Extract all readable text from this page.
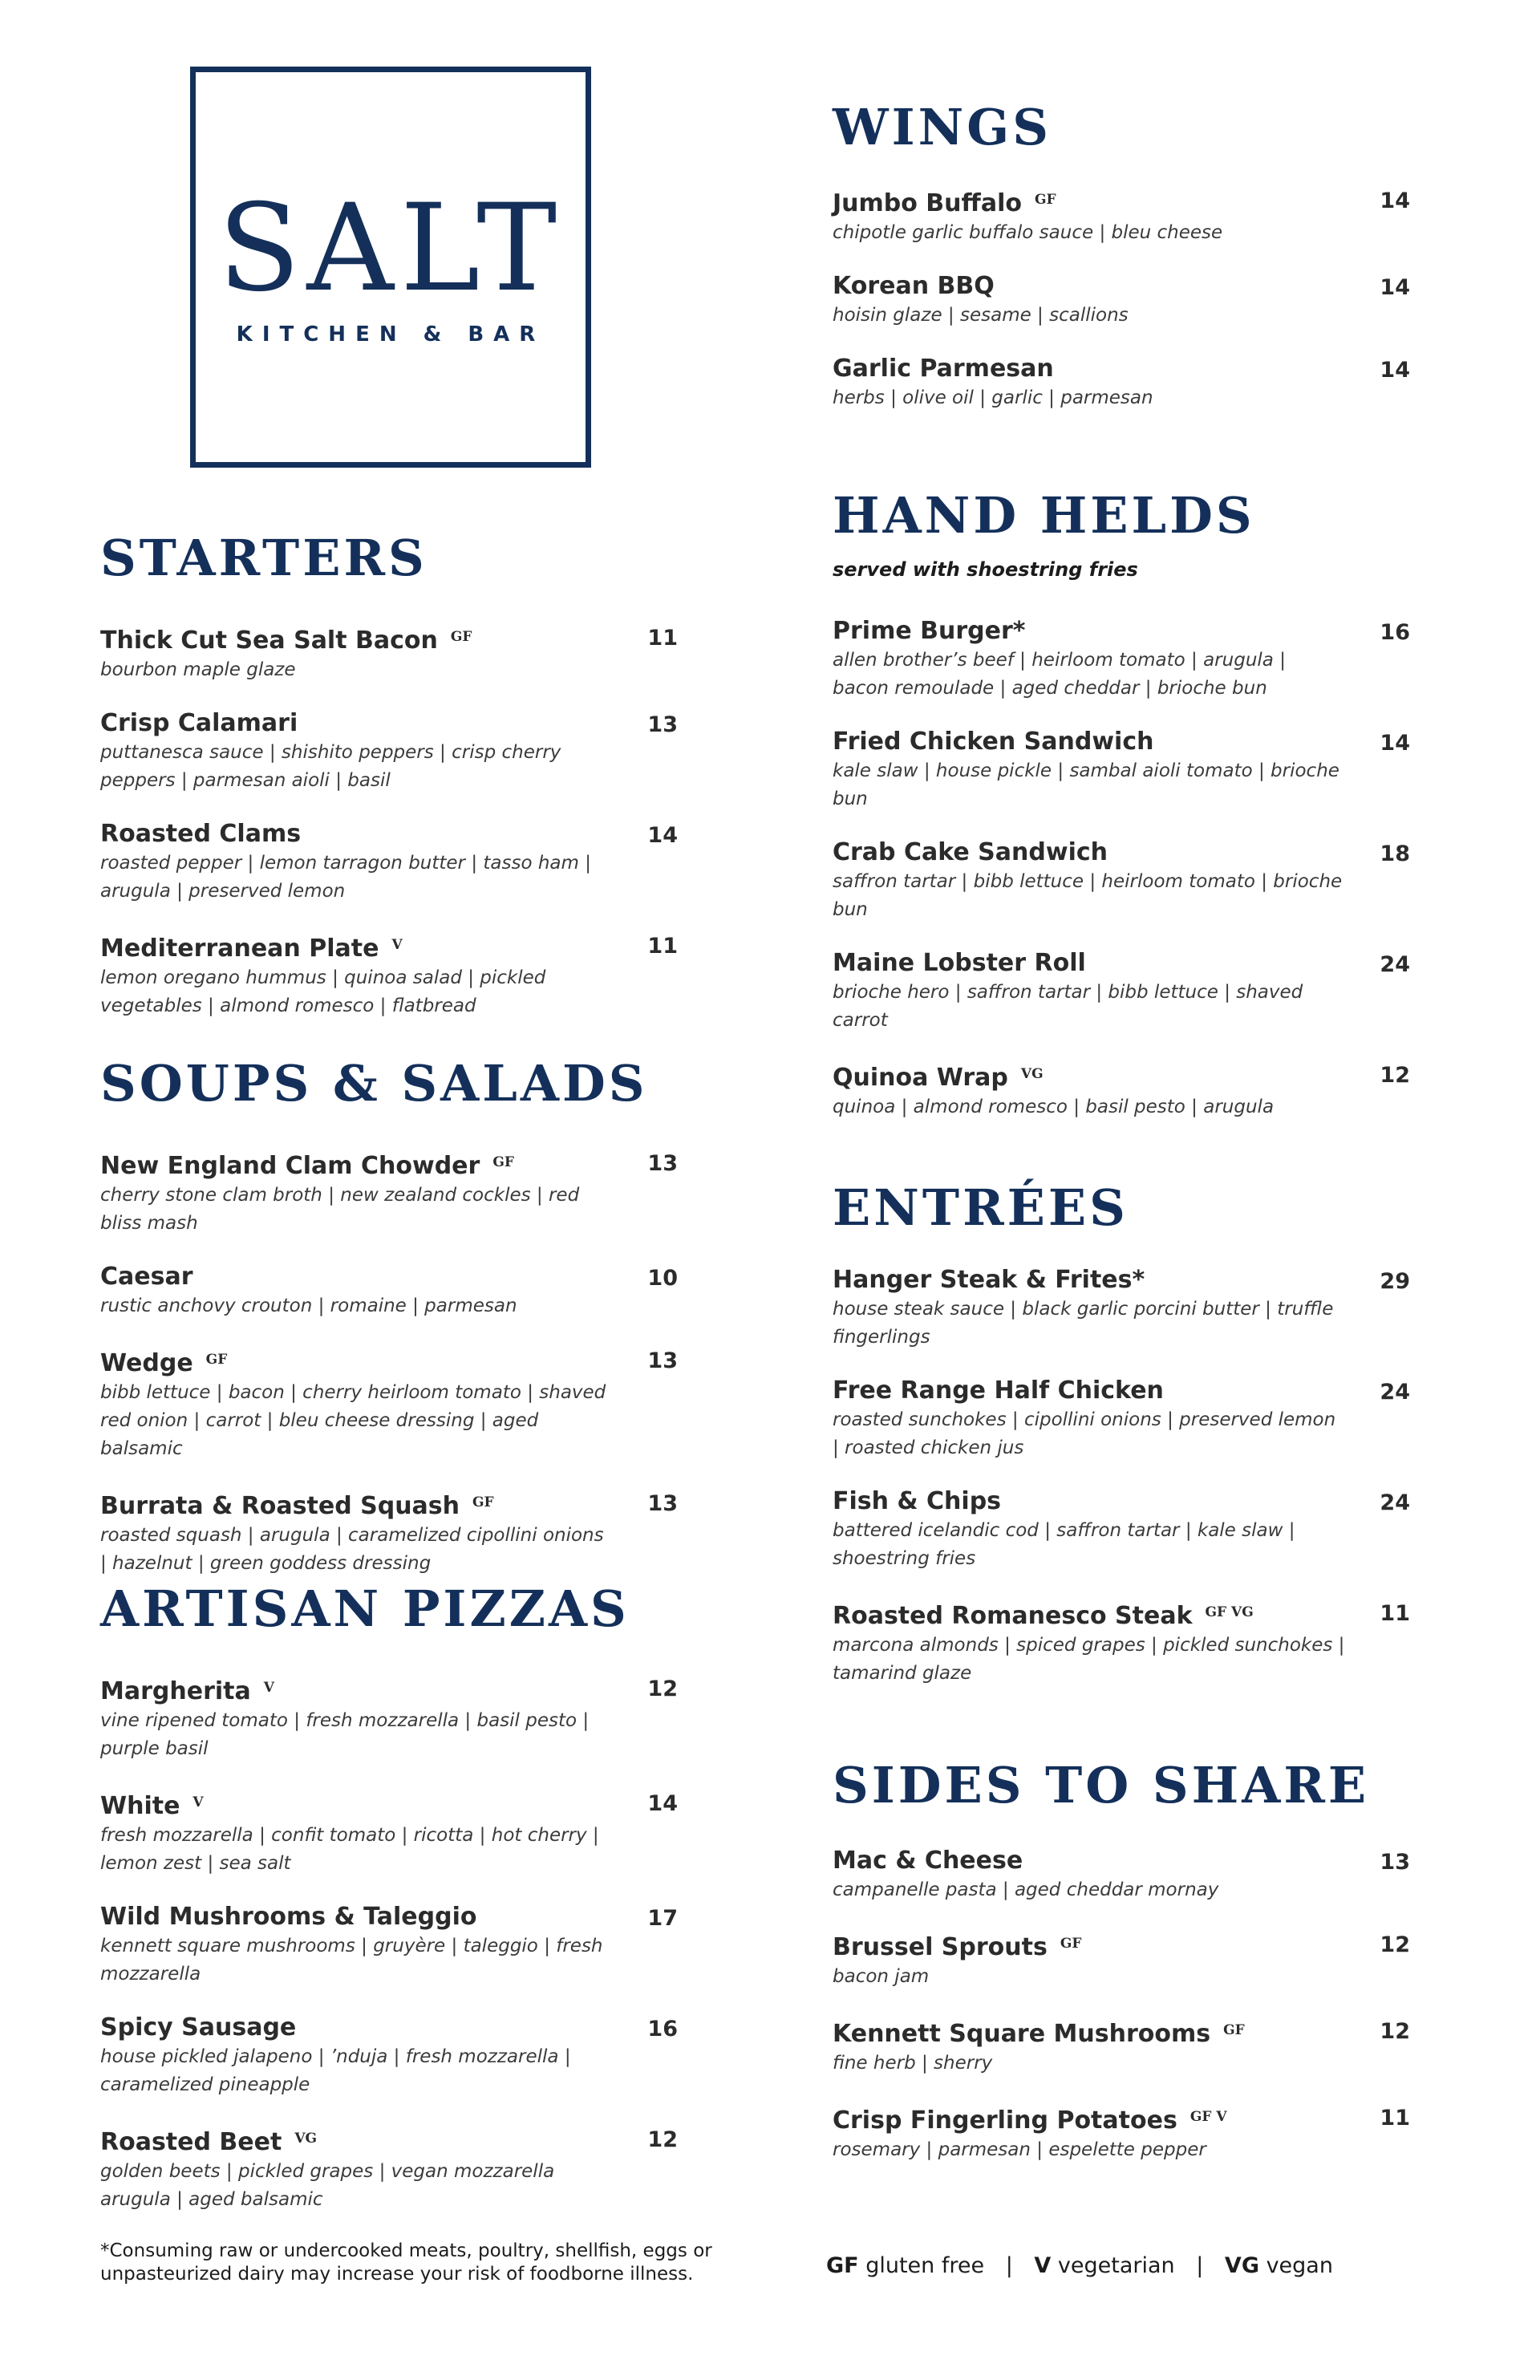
SALT
KITCHEN & BAR
STARTERS
Thick Cut Sea Salt Bacon $^{GF}$	11
bourbon maple glaze
Crisp Calamari	13
puttanesca sauce | shishito peppers | crisp cherry peppers | parmesan aioli | basil
Roasted Clams	14
roasted pepper | lemon tarragon butter | tasso ham | arugula | preserved lemon
Mediterranean Plate $^V$	11
lemon oregano hummus | quinoa salad | pickled vegetables | almond romesco | flatbread
SOUPS & SALADS
New England Clam Chowder $^{GF}$	13
cherry stone clam broth | new zealand cockles | red bliss mash
Caesar	10
rustic anchovy crouton | romaine | parmesan
Wedge $^{GF}$	13
bibb lettuce | bacon | cherry heirloom tomato | shaved red onion | carrot | bleu cheese dressing | aged balsamic
Burrata & Roasted Squash $^{GF}$	13
roasted squash | arugula | caramelized cipollini onions | hazelnut | green goddess dressing
ARTISAN PIZZAS
Margherita $^V$	12
vine ripened tomato | fresh mozzarella | basil pesto | purple basil
White $^V$	14
fresh mozzarella | confit tomato | ricotta | hot cherry | lemon zest | sea salt
Wild Mushrooms & Taleggio	17
kennett square mushrooms | gruyère | taleggio | fresh mozzarella
Spicy Sausage	16
house pickled jalapeno | ’nduja | fresh mozzarella | caramelized pineapple
Roasted Beet $^{VG}$	12
golden beets | pickled grapes | vegan mozzarella arugula | aged balsamic
WINGS
Jumbo Buffalo $^{GF}$	14
chipotle garlic buffalo sauce | bleu cheese
Korean BBQ	14
hoisin glaze | sesame | scallions
Garlic Parmesan	14
herbs | olive oil | garlic | parmesan
HAND HELDS
served with shoestring fries
Prime Burger*	16
allen brother’s beef | heirloom tomato | arugula | bacon remoulade | aged cheddar | brioche bun
Fried Chicken Sandwich	14
kale slaw | house pickle | sambal aioli tomato | brioche bun
Crab Cake Sandwich	18
saffron tartar | bibb lettuce | heirloom tomato | brioche bun
Maine Lobster Roll	24
brioche hero | saffron tartar | bibb lettuce | shaved carrot
Quinoa Wrap $^{VG}$	12
quinoa | almond romesco | basil pesto | arugula
ENTRÉES
Hanger Steak & Frites*	29
house steak sauce | black garlic porcini butter | truffle fingerlings
Free Range Half Chicken	24
roasted sunchokes | cipollini onions | preserved lemon | roasted chicken jus
Fish & Chips	24
battered icelandic cod | saffron tartar | kale slaw | shoestring fries
Roasted Romanesco Steak $^{GF VG}$	11
marcona almonds | spiced grapes | pickled sunchokes | tamarind glaze
SIDES TO SHARE
Mac & Cheese	13
campanelle pasta | aged cheddar mornay
Brussel Sprouts $^{GF}$	12
bacon jam
Kennett Square Mushrooms $^{GF}$	12
fine herb | sherry
Crisp Fingerling Potatoes $^{GF V}$	11
rosemary | parmesan | espelette pepper
*Consuming raw or undercooked meats, poultry, shellfish, eggs or unpasteurized dairy may increase your risk of foodborne illness.	GF gluten free | V vegetarian | VG vegan
